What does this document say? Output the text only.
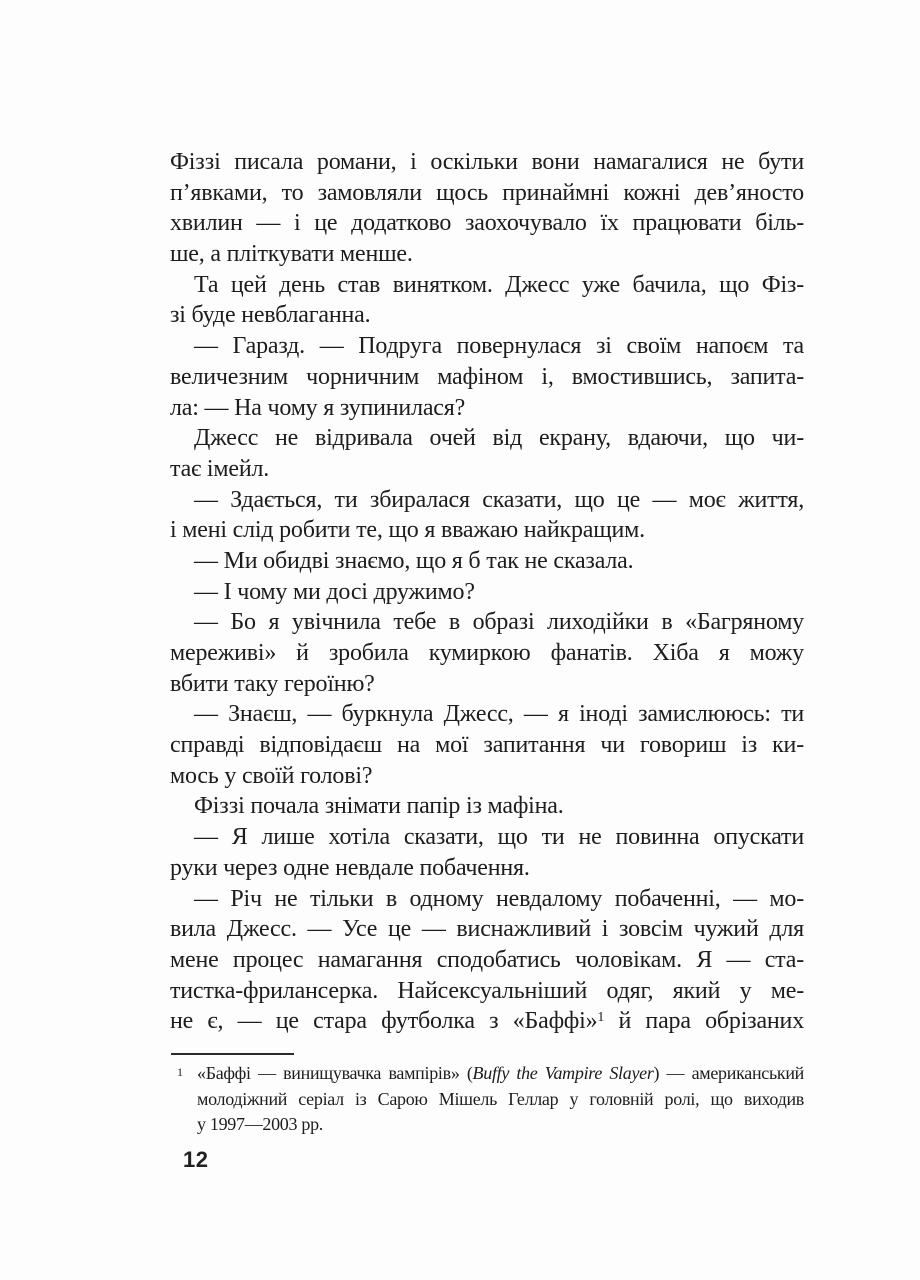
Фіззі писала романи, і оскільки вони намагалися не бути
п’явками, то замовляли щось принаймні кожні дев’яносто
хвилин — і це додатково заохочувало їх працювати біль-
ше, а пліткувати менше.

Та цей день став винятком. Джесс уже бачила, що Фіз-
зі буде невблаганна.

— Гаразд. — Подруга повернулася зі своїм напоєм та
величезним чорничним мафіном і, вмостившись, запита-
ла: — На чому я зупинилася?

Джесс не відривала очей від екрану, вдаючи, що чи-
тає імейл.

— Здається, ти збиралася сказати, що це — моє життя,
і мені слід робити те, що я вважаю найкращим.

— Ми обидві знаємо, що я б так не сказала.

— І чому ми досі дружимо?

— Бо я увічнила тебе в образі лиходійки в «Багряному
мереживі» й зробила кумиркою фанатів. Хіба я можу
вбити таку героїню?

— Знаєш, — буркнула Джесс, — я іноді замислююсь: ти
справді відповідаєш на мої запитання чи говориш із ки-
мось у своїй голові?

Фіззі почала знімати папір із мафіна.

— Я лише хотіла сказати, що ти не повинна опускати
руки через одне невдале побачення.

— Річ не тільки в одному невдалому побаченні, — мо-
вила Джесс. — Усе це — виснажливий і зовсім чужий для
мене процес намагання сподобатись чоловікам. Я — ста-
тистка-фрилансерка. Найсексуальніший одяг, який у ме-
не є, — це стара футболка з «Баффі»$^1$ й пара обрізаних

1 «Баффі — винищувачка вампірів» (Buffy the Vampire Slayer) — американський
молодіжний серіал із Сарою Мішель Геллар у головній ролі, що виходив
у 1997—2003 рр.
12
